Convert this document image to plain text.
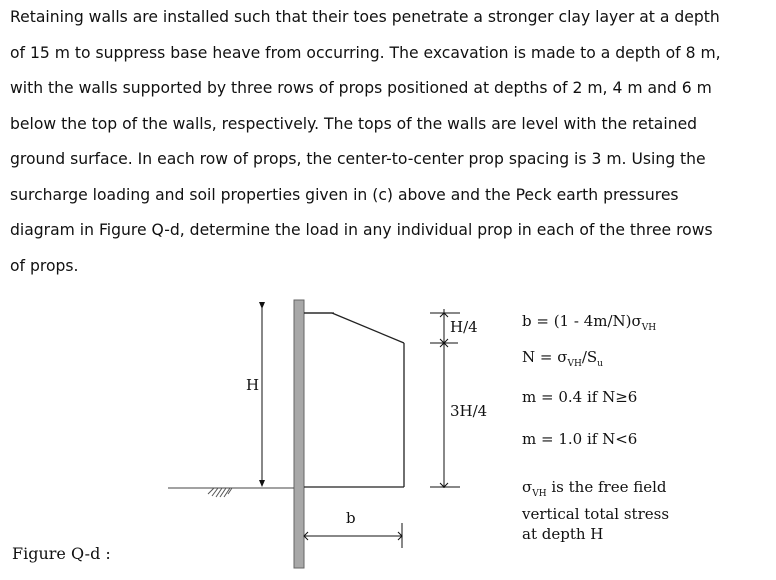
Retaining walls are installed such that their toes penetrate a stronger clay layer at a depth
of 15 m to suppress base heave from occurring. The excavation is made to a depth of 8 m,
with the walls supported by three rows of props positioned at depths of 2 m, 4 m and 6 m
below the top of the walls, respectively. The tops of the walls are level with the retained
ground surface. In each row of props, the center-to-center prop spacing is 3 m. Using the
surcharge loading and soil properties given in (c) above and the Peck earth pressures
diagram in Figure Q-d, determine the load in any individual prop in each of the three rows
of props.
H
b
H/4
3H/4
$b = (1 - 4m/N)\sigma_{VH}$
$N = \sigma_{VH}/S_u$
m = 0.4 if N≥6
m = 1.0 if N<6
$\sigma_{VH}$ is the free field
vertical total stress
at depth H
Figure Q-d :
